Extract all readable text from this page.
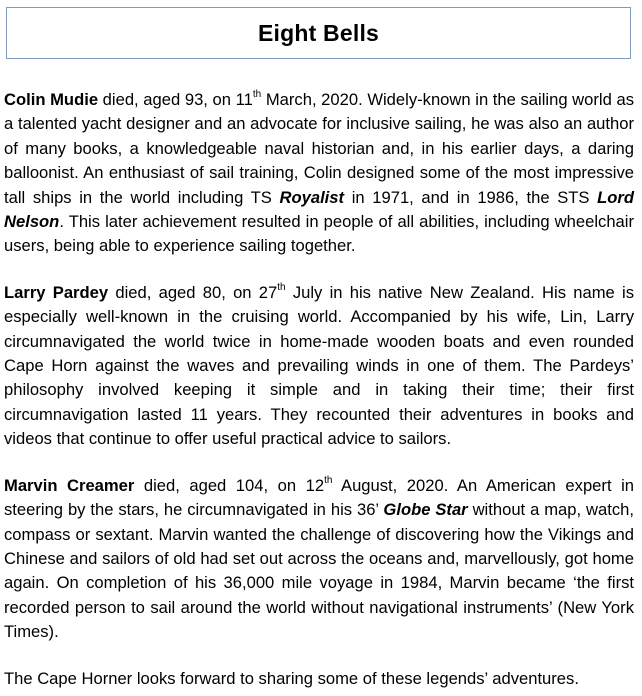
Eight Bells

Colin Mudie died, aged 93, on 11th March, 2020. Widely-known in the sailing world as a talented yacht designer and an advocate for inclusive sailing, he was also an author of many books, a knowledgeable naval historian and, in his earlier days, a daring balloonist. An enthusiast of sail training, Colin designed some of the most impressive tall ships in the world including TS Royalist in 1971, and in 1986, the STS Lord Nelson. This later achievement resulted in people of all abilities, including wheelchair users, being able to experience sailing together.

Larry Pardey died, aged 80, on 27th July in his native New Zealand. His name is especially well-known in the cruising world. Accompanied by his wife, Lin, Larry circumnavigated the world twice in home-made wooden boats and even rounded Cape Horn against the waves and prevailing winds in one of them. The Pardeys’ philosophy involved keeping it simple and in taking their time; their first circumnavigation lasted 11 years. They recounted their adventures in books and videos that continue to offer useful practical advice to sailors.

Marvin Creamer died, aged 104, on 12th August, 2020. An American expert in steering by the stars, he circumnavigated in his 36’ Globe Star without a map, watch, compass or sextant. Marvin wanted the challenge of discovering how the Vikings and Chinese and sailors of old had set out across the oceans and, marvellously, got home again. On completion of his 36,000 mile voyage in 1984, Marvin became ‘the first recorded person to sail around the world without navigational instruments’ (New York Times).

The Cape Horner looks forward to sharing some of these legends’ adventures.
